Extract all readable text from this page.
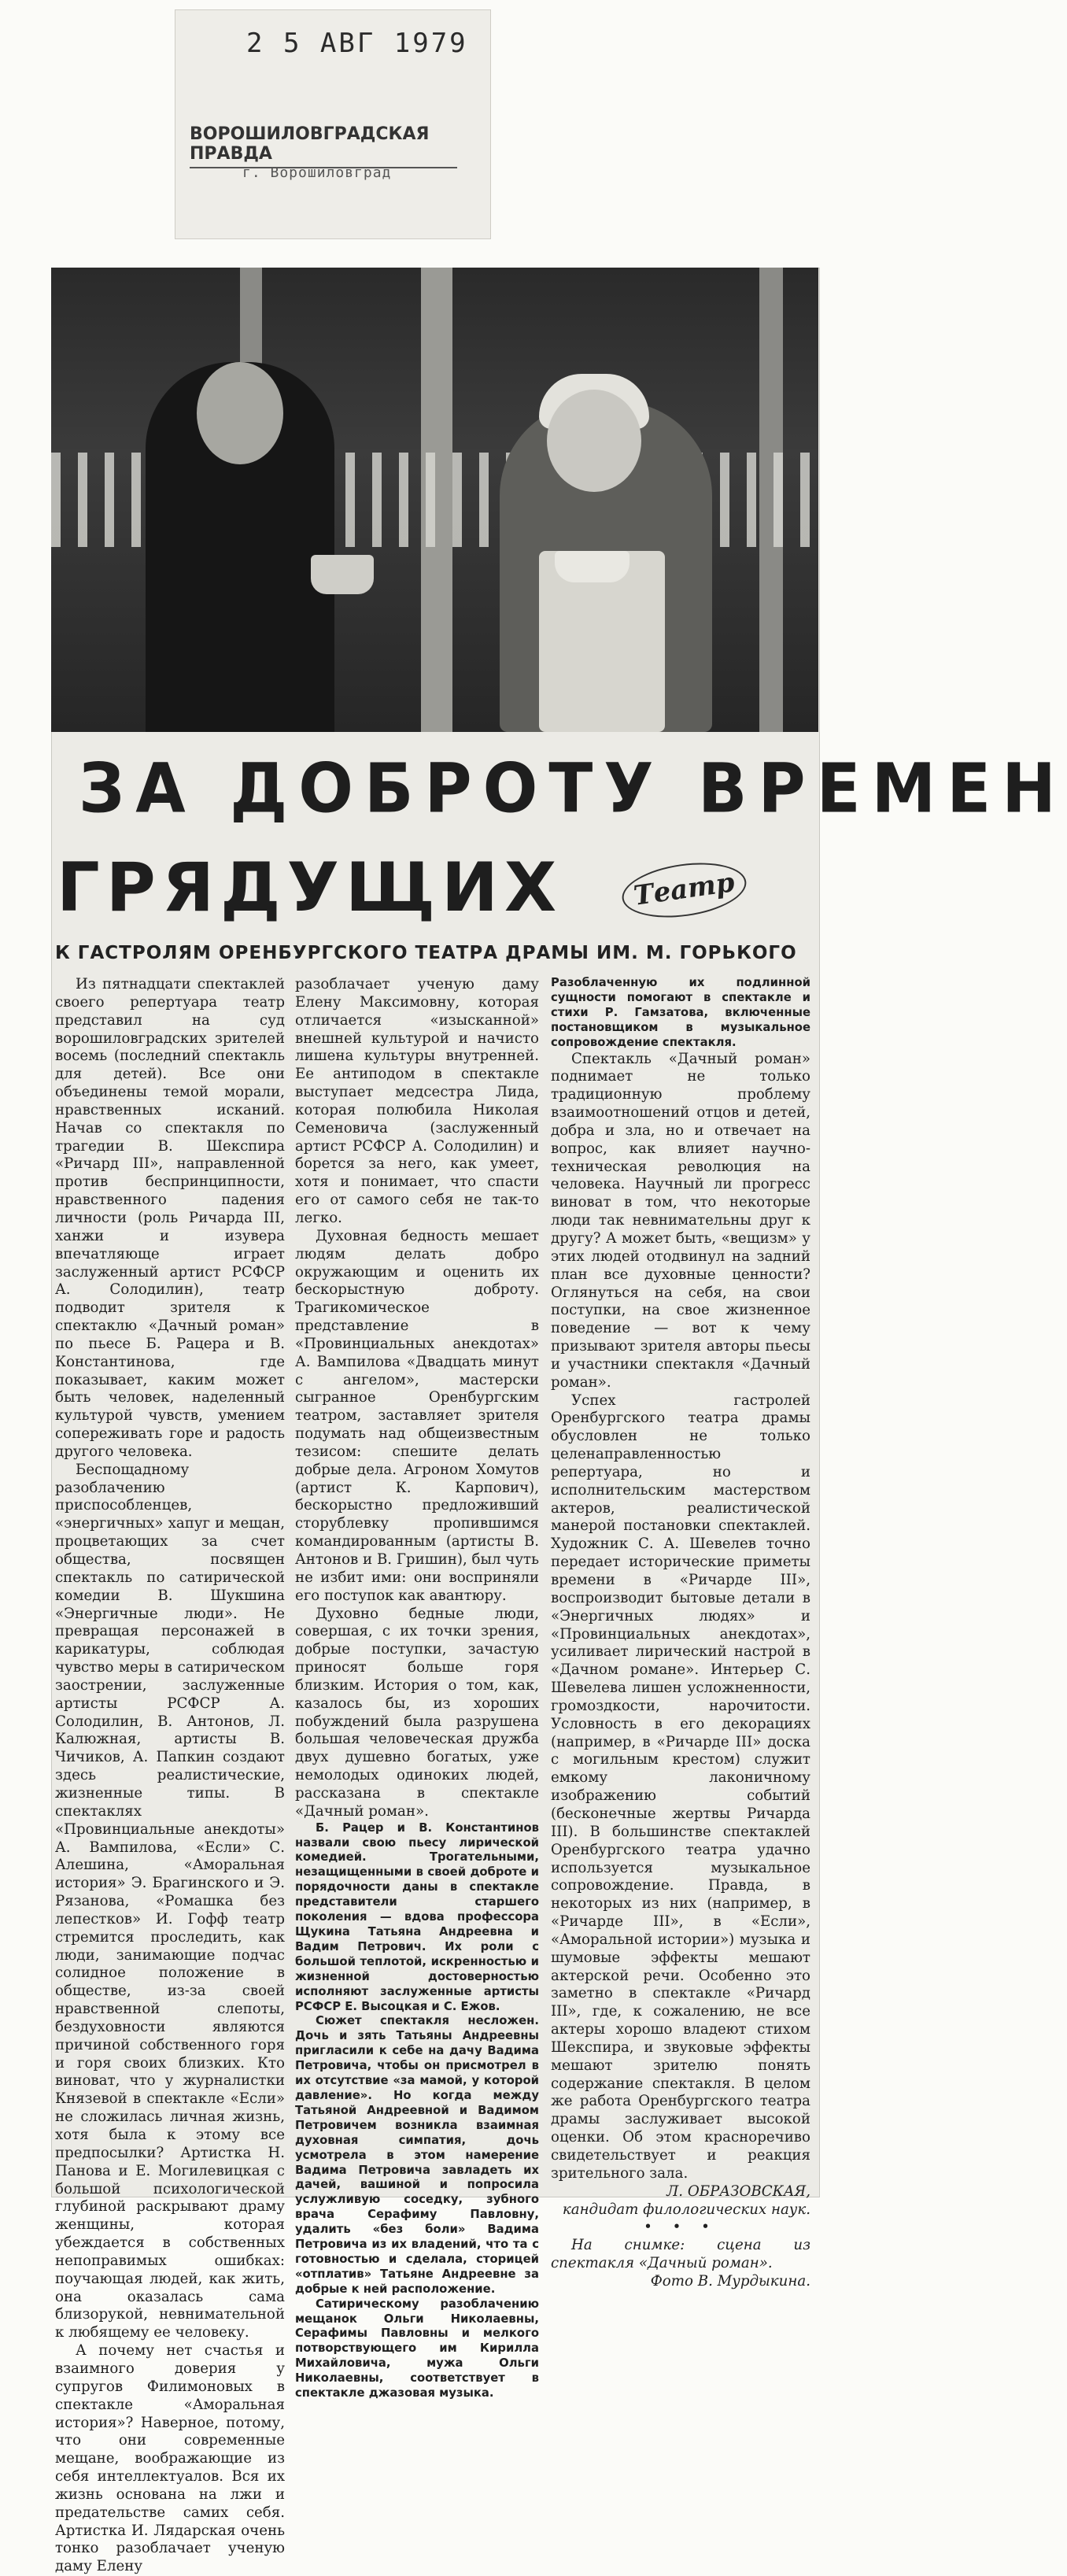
2 5 АВГ 1979
ВОРОШИЛОВГРАДСКАЯ ПРАВДА
г. Ворошиловград
ЗА ДОБРОТУ ВРЕМЕН
ГРЯДУЩИХ	Театр
К ГАСТРОЛЯМ ОРЕНБУРГСКОГО ТЕАТРА ДРАМЫ ИМ. М. ГОРЬКОГО

Из пятнадцати спектаклей своего репертуара театр представил на суд ворошиловградских зрителей восемь (последний спектакль для детей). Все они объединены темой морали, нравственных исканий. Начав со спектакля по трагедии В. Шекспира «Ричард III», направленной против беспринципности, нравственного падения личности (роль Ричарда III, ханжи и изувера впечатляюще играет заслуженный артист РСФСР А. Солодилин), театр подводит зрителя к спектаклю «Дачный роман» по пьесе Б. Рацера и В. Константинова, где показывает, каким может быть человек, наделенный культурой чувств, умением сопереживать горе и радость другого человека.

Беспощадному разоблачению приспособленцев, «энергичных» хапуг и мещан, процветающих за счет общества, посвящен спектакль по сатирической комедии В. Шукшина «Энергичные люди». Не превращая персонажей в карикатуры, соблюдая чувство меры в сатирическом заострении, заслуженные артисты РСФСР А. Солодилин, В. Антонов, Л. Калюжная, артисты В. Чичиков, А. Папкин создают здесь реалистические, жизненные типы. В спектаклях «Провинциальные анекдоты» А. Вампилова, «Если» С. Алешина, «Аморальная история» Э. Брагинского и Э. Рязанова, «Ромашка без лепестков» И. Гофф театр стремится проследить, как люди, занимающие подчас солидное положение в обществе, из-за своей нравственной слепоты, бездуховности являются причиной собственного горя и горя своих близких. Кто виноват, что у журналистки Князевой в спектакле «Если» не сложилась личная жизнь, хотя была к этому все предпосылки? Артистка Н. Панова и Е. Могилевицкая с большой психологической глубиной раскрывают драму женщины, которая убеждается в собственных непоправимых ошибках: поучающая людей, как жить, она оказалась сама близорукой, невнимательной к любящему ее человеку.

А почему нет счастья и взаимного доверия у супругов Филимоновых в спектакле «Аморальная история»? Наверное, потому, что они современные мещане, воображающие из себя интеллектуалов. Вся их жизнь основана на лжи и предательстве самих себя. Артистка И. Лядарская очень тонко разоблачает ученую даму Елену

разоблачает ученую даму Елену Максимовну, которая отличается «изысканной» внешней культурой и начисто лишена культуры внутренней. Ее антиподом в спектакле выступает медсестра Лида, которая полюбила Николая Семеновича (заслуженный артист РСФСР А. Солодилин) и борется за него, как умеет, хотя и понимает, что спасти его от самого себя не так-то легко.

Духовная бедность мешает людям делать добро окружающим и оценить их бескорыстную доброту. Трагикомическое представление в «Провинциальных анекдотах» А. Вампилова «Двадцать минут с ангелом», мастерски сыгранное Оренбургским театром, заставляет зрителя подумать над общеизвестным тезисом: спешите делать добрые дела. Агроном Хомутов (артист К. Карпович), бескорыстно предложивший сторублевку пропившимся командированным (артисты В. Антонов и В. Гришин), был чуть не избит ими: они восприняли его поступок как авантюру.

Духовно бедные люди, совершая, с их точки зрения, добрые поступки, зачастую приносят больше горя близким. История о том, как, казалось бы, из хороших побуждений была разрушена большая человеческая дружба двух душевно богатых, уже немолодых одиноких людей, рассказана в спектакле «Дачный роман».

Б. Рацер и В. Константинов назвали свою пьесу лирической комедией. Трогательными, незащищенными в своей доброте и порядочности даны в спектакле представители старшего поколения — вдова профессора Щукина Татьяна Андреевна и Вадим Петрович. Их роли с большой теплотой, искренностью и жизненной достоверностью исполняют заслуженные артисты РСФСР Е. Высоцкая и С. Ежов.

Сюжет спектакля несложен. Дочь и зять Татьяны Андреевны пригласили к себе на дачу Вадима Петровича, чтобы он присмотрел в их отсутствие «за мамой, у которой давление». Но когда между Татьяной Андреевной и Вадимом Петровичем возникла взаимная духовная симпатия, дочь усмотрела в этом намерение Вадима Петровича завладеть их дачей, вашиной и попросила услужливую соседку, зубного врача Серафиму Павловну, удалить «без боли» Вадима Петровича из их владений, что та с готовностью и сделала, сторицей «отплатив» Татьяне Андреевне за добрые к ней расположение.

Сатирическому разоблачению мещанок Ольги Николаевны, Серафимы Павловны и мелкого потворствующего им Кирилла Михайловича, мужа Ольги Николаевны, соответствует в спектакле джазовая музыка.

Разоблаченную их подлинной сущности помогают в спектакле и стихи Р. Гамзатова, включенные постановщиком в музыкальное сопровождение спектакля.

Спектакль «Дачный роман» поднимает не только традиционную проблему взаимоотношений отцов и детей, добра и зла, но и отвечает на вопрос, как влияет научно-техническая революция на человека. Научный ли прогресс виноват в том, что некоторые люди так невнимательны друг к другу? А может быть, «вещизм» у этих людей отодвинул на задний план все духовные ценности? Оглянуться на себя, на свои поступки, на свое жизненное поведение — вот к чему призывают зрителя авторы пьесы и участники спектакля «Дачный роман».

Успех гастролей Оренбургского театра драмы обусловлен не только целенаправленностью репертуара, но и исполнительским мастерством актеров, реалистической манерой постановки спектаклей. Художник С. А. Шевелев точно передает исторические приметы времени в «Ричарде III», воспроизводит бытовые детали в «Энергичных людях» и «Провинциальных анекдотах», усиливает лирический настрой в «Дачном романе». Интерьер С. Шевелева лишен усложненности, громоздкости, нарочитости. Условность в его декорациях (например, в «Ричарде III» доска с могильным крестом) служит емкому лаконичному изображению событий (бесконечные жертвы Ричарда III). В большинстве спектаклей Оренбургского театра удачно используется музыкальное сопровождение. Правда, в некоторых из них (например, в «Ричарде III», в «Если», «Аморальной истории») музыка и шумовые эффекты мешают актерской речи. Особенно это заметно в спектакле «Ричард III», где, к сожалению, не все актеры хорошо владеют стихом Шекспира, и звуковые эффекты мешают зрителю понять содержание спектакля. В целом же работа Оренбургского театра драмы заслуживает высокой оценки. Об этом красноречиво свидетельствует и реакция зрительного зала.

Л. ОБРАЗОВСКАЯ,

кандидат филологических наук.

• • •

На снимке: сцена из спектакля «Дачный роман».

Фото В. Мурдыкина.
